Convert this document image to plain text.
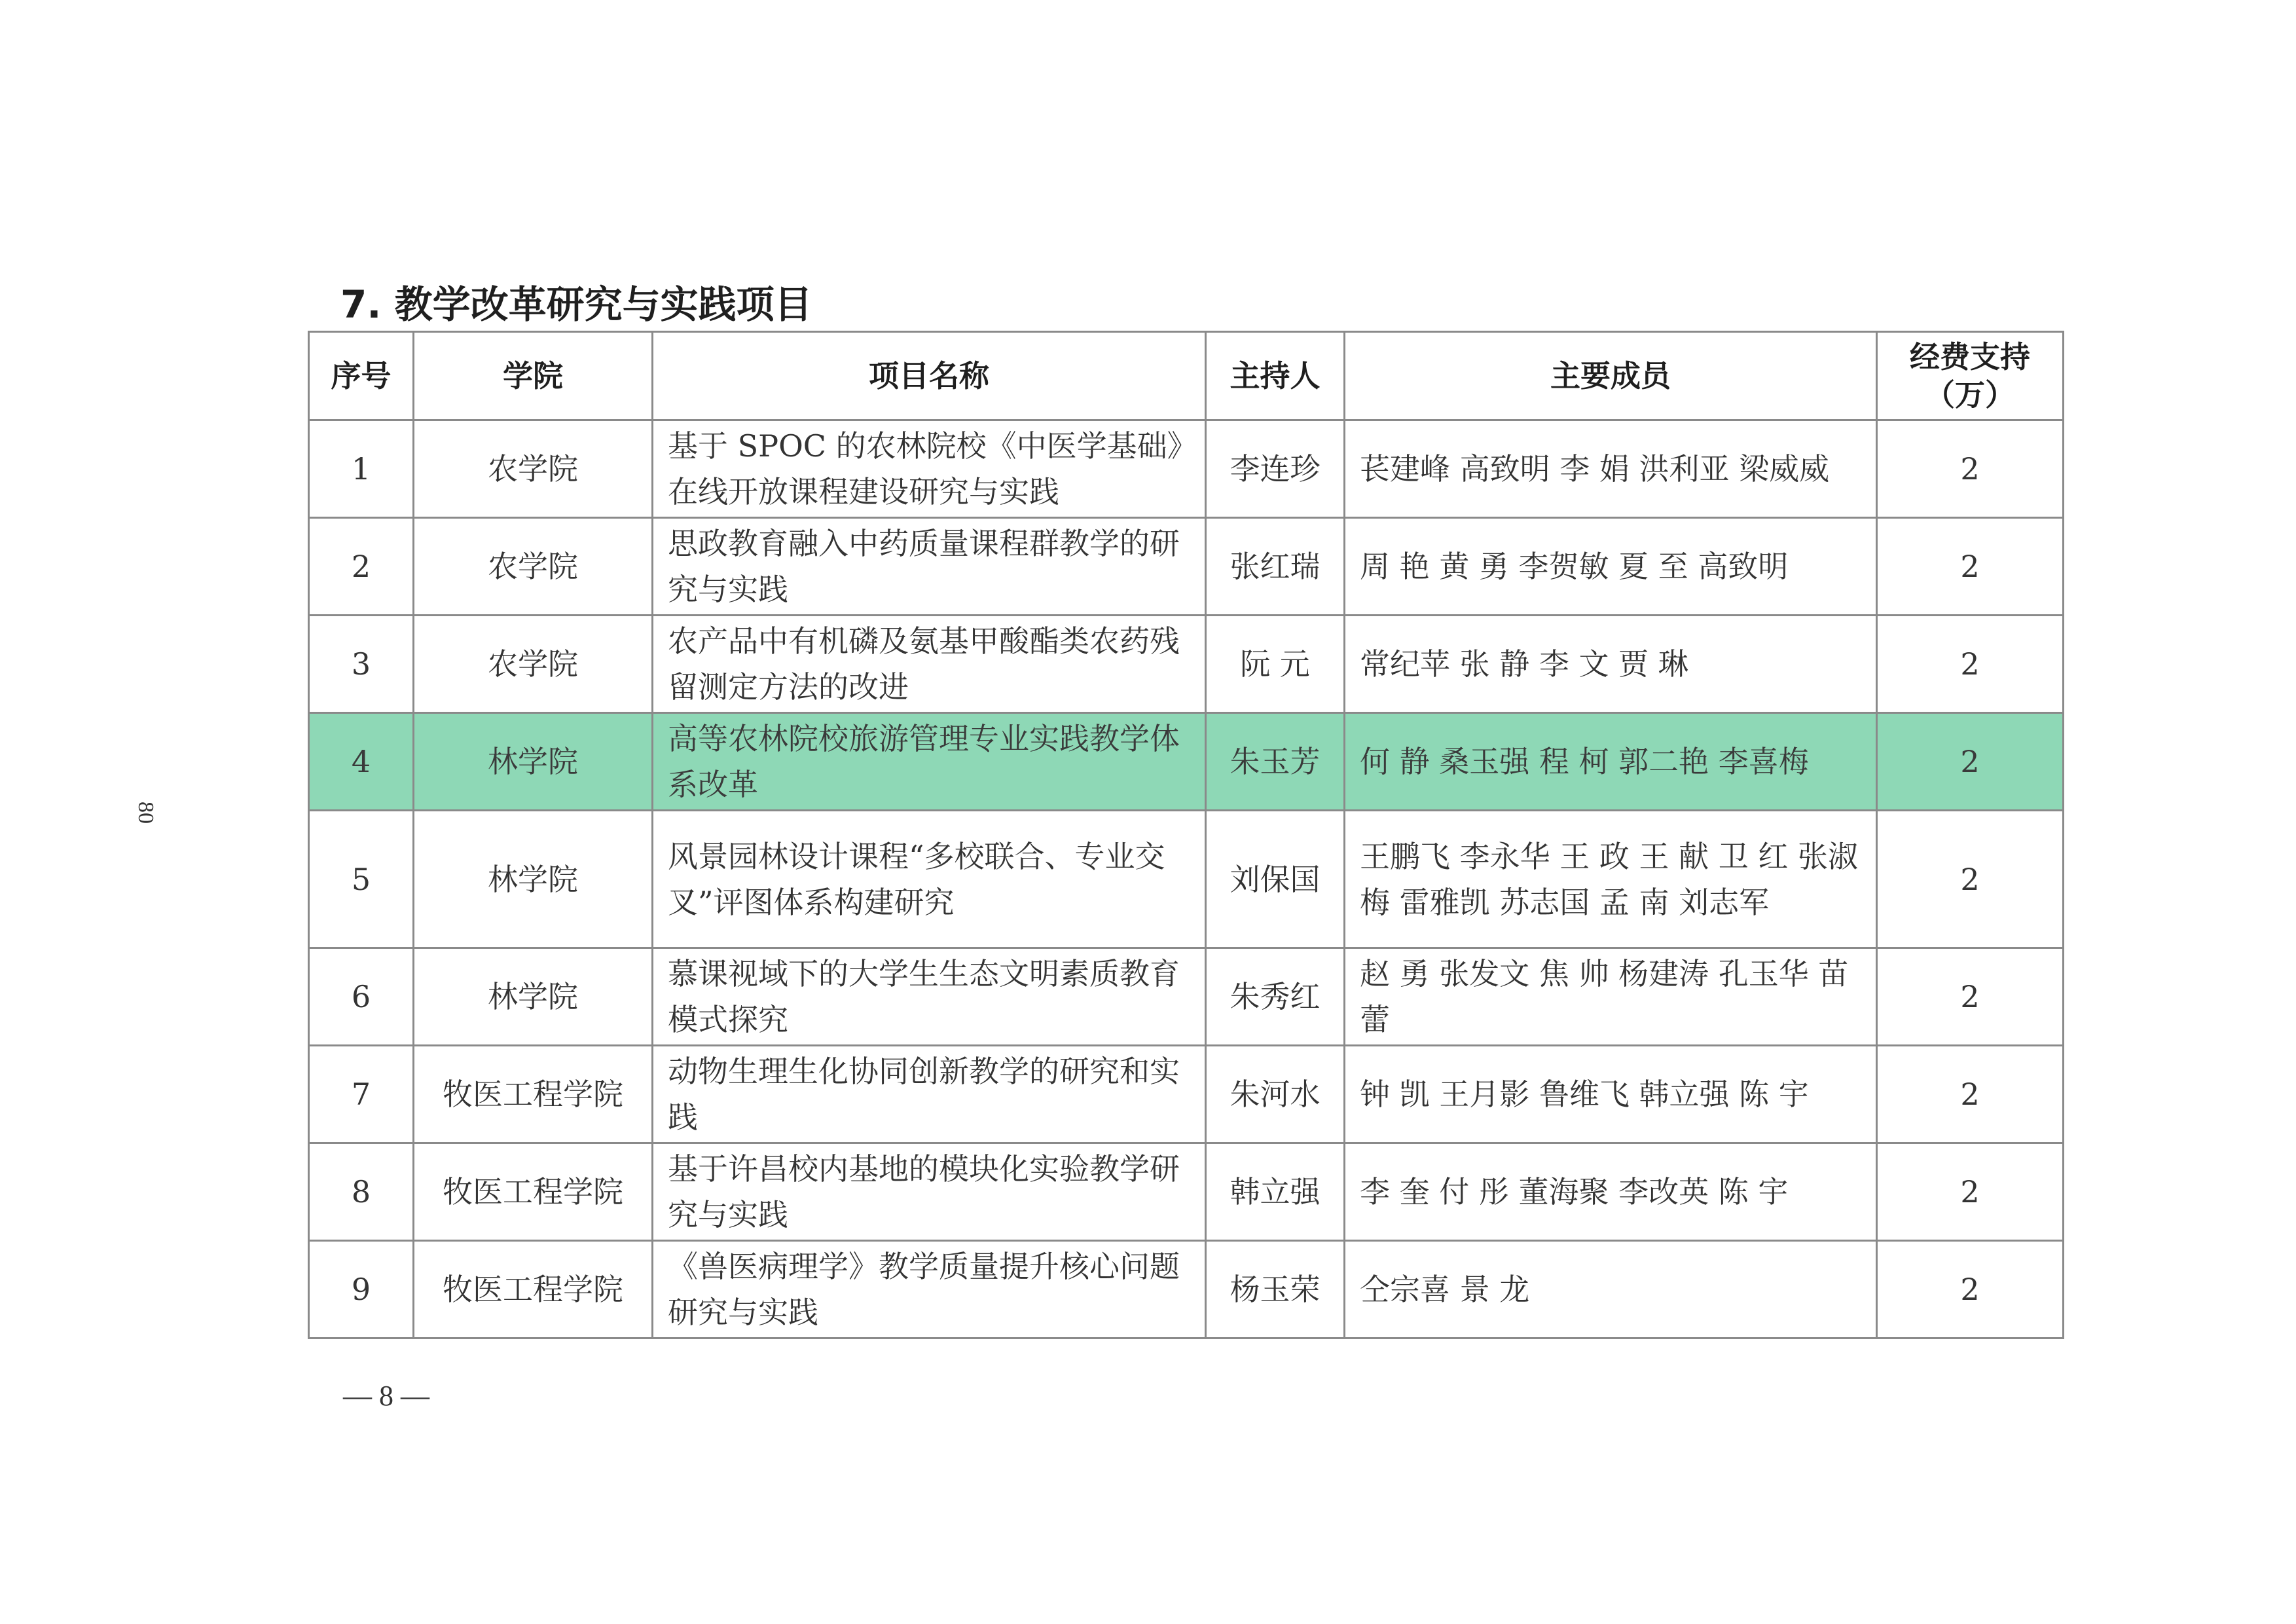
7. 教学改革研究与实践项目
80
序号	学院	项目名称	主持人	主要成员	经费支持（万）
1	农学院	基于 SPOC 的农林院校《中医学基础》在线开放课程建设研究与实践	李连珍	苌建峰 高致明 李 娟 洪利亚 梁威威	2
2	农学院	思政教育融入中药质量课程群教学的研究与实践	张红瑞	周 艳 黄 勇 李贺敏 夏 至 高致明	2
3	农学院	农产品中有机磷及氨基甲酸酯类农药残留测定方法的改进	阮 元	常纪苹 张 静 李 文 贾 琳	2
4	林学院	高等农林院校旅游管理专业实践教学体系改革	朱玉芳	何 静 桑玉强 程 柯 郭二艳 李喜梅	2
5	林学院	风景园林设计课程“多校联合、专业交叉”评图体系构建研究	刘保国	王鹏飞 李永华 王 政 王 献 卫 红 张淑梅 雷雅凯 苏志国 孟 南 刘志军	2
6	林学院	慕课视域下的大学生生态文明素质教育模式探究	朱秀红	赵 勇 张发文 焦 帅 杨建涛 孔玉华 苗 蕾	2
7	牧医工程学院	动物生理生化协同创新教学的研究和实践	朱河水	钟 凯 王月影 鲁维飞 韩立强 陈 宇	2
8	牧医工程学院	基于许昌校内基地的模块化实验教学研究与实践	韩立强	李 奎 付 彤 董海聚 李改英 陈 宇	2
9	牧医工程学院	《兽医病理学》教学质量提升核心问题研究与实践	杨玉荣	仝宗喜 景 龙	2
— 8 —
